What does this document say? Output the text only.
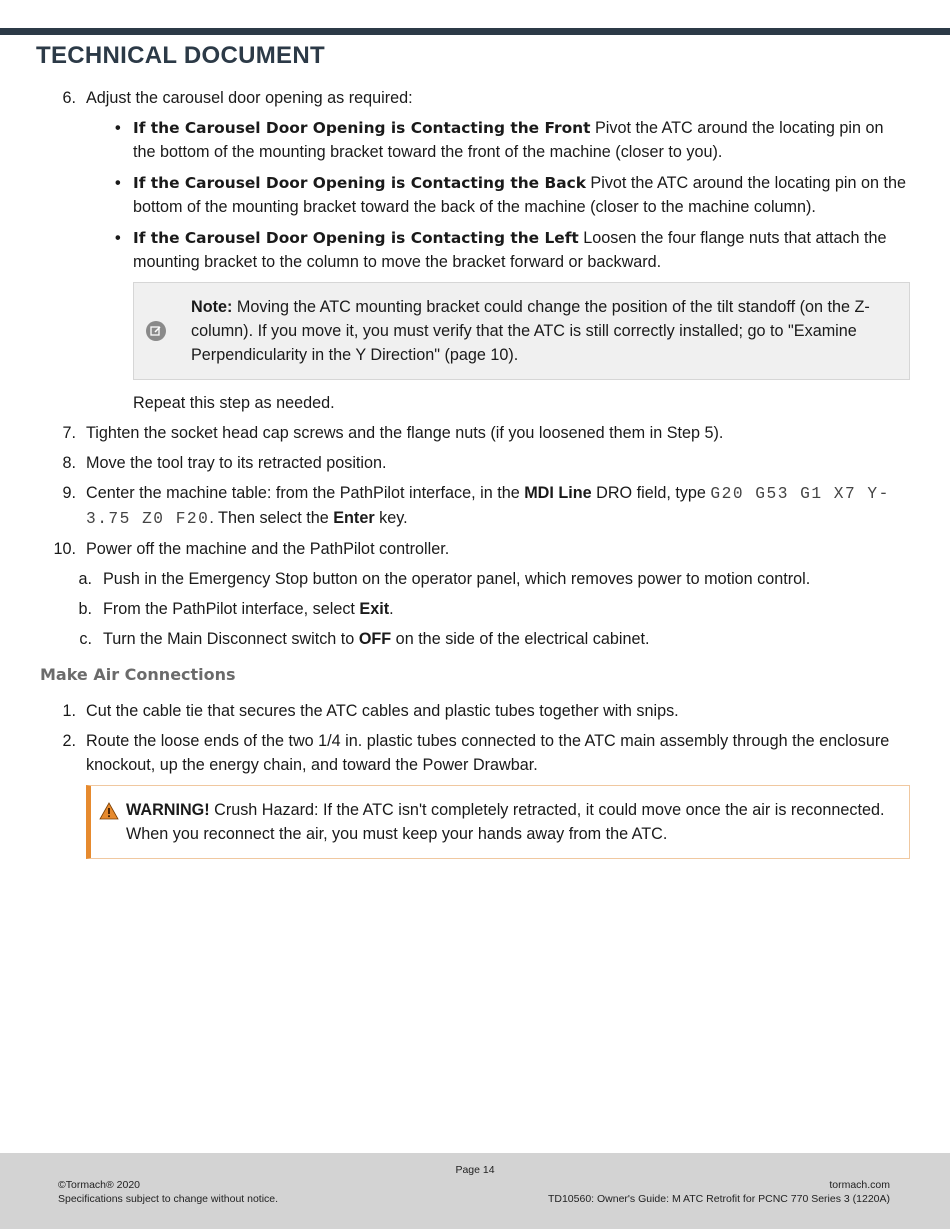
TECHNICAL DOCUMENT
6. Adjust the carousel door opening as required:
• If the Carousel Door Opening is Contacting the Front Pivot the ATC around the locating pin on the bottom of the mounting bracket toward the front of the machine (closer to you).
• If the Carousel Door Opening is Contacting the Back Pivot the ATC around the locating pin on the bottom of the mounting bracket toward the back of the machine (closer to the machine column).
• If the Carousel Door Opening is Contacting the Left Loosen the four flange nuts that attach the mounting bracket to the column to move the bracket forward or backward.
Note: Moving the ATC mounting bracket could change the position of the tilt standoff (on the Z-column). If you move it, you must verify that the ATC is still correctly installed; go to "Examine Perpendicularity in the Y Direction" (page 10).
Repeat this step as needed.
7. Tighten the socket head cap screws and the flange nuts (if you loosened them in Step 5).
8. Move the tool tray to its retracted position.
9. Center the machine table: from the PathPilot interface, in the MDI Line DRO field, type G20 G53 G1 X7 Y-3.75 Z0 F20. Then select the Enter key.
10. Power off the machine and the PathPilot controller.
a. Push in the Emergency Stop button on the operator panel, which removes power to motion control.
b. From the PathPilot interface, select Exit.
c. Turn the Main Disconnect switch to OFF on the side of the electrical cabinet.
Make Air Connections
1. Cut the cable tie that secures the ATC cables and plastic tubes together with snips.
2. Route the loose ends of the two 1/4 in. plastic tubes connected to the ATC main assembly through the enclosure knockout, up the energy chain, and toward the Power Drawbar.
WARNING! Crush Hazard: If the ATC isn't completely retracted, it could move once the air is reconnected. When you reconnect the air, you must keep your hands away from the ATC.
Page 14
©Tormach® 2020
Specifications subject to change without notice.
tormach.com
TD10560: Owner's Guide: M ATC Retrofit for PCNC 770 Series 3 (1220A)
